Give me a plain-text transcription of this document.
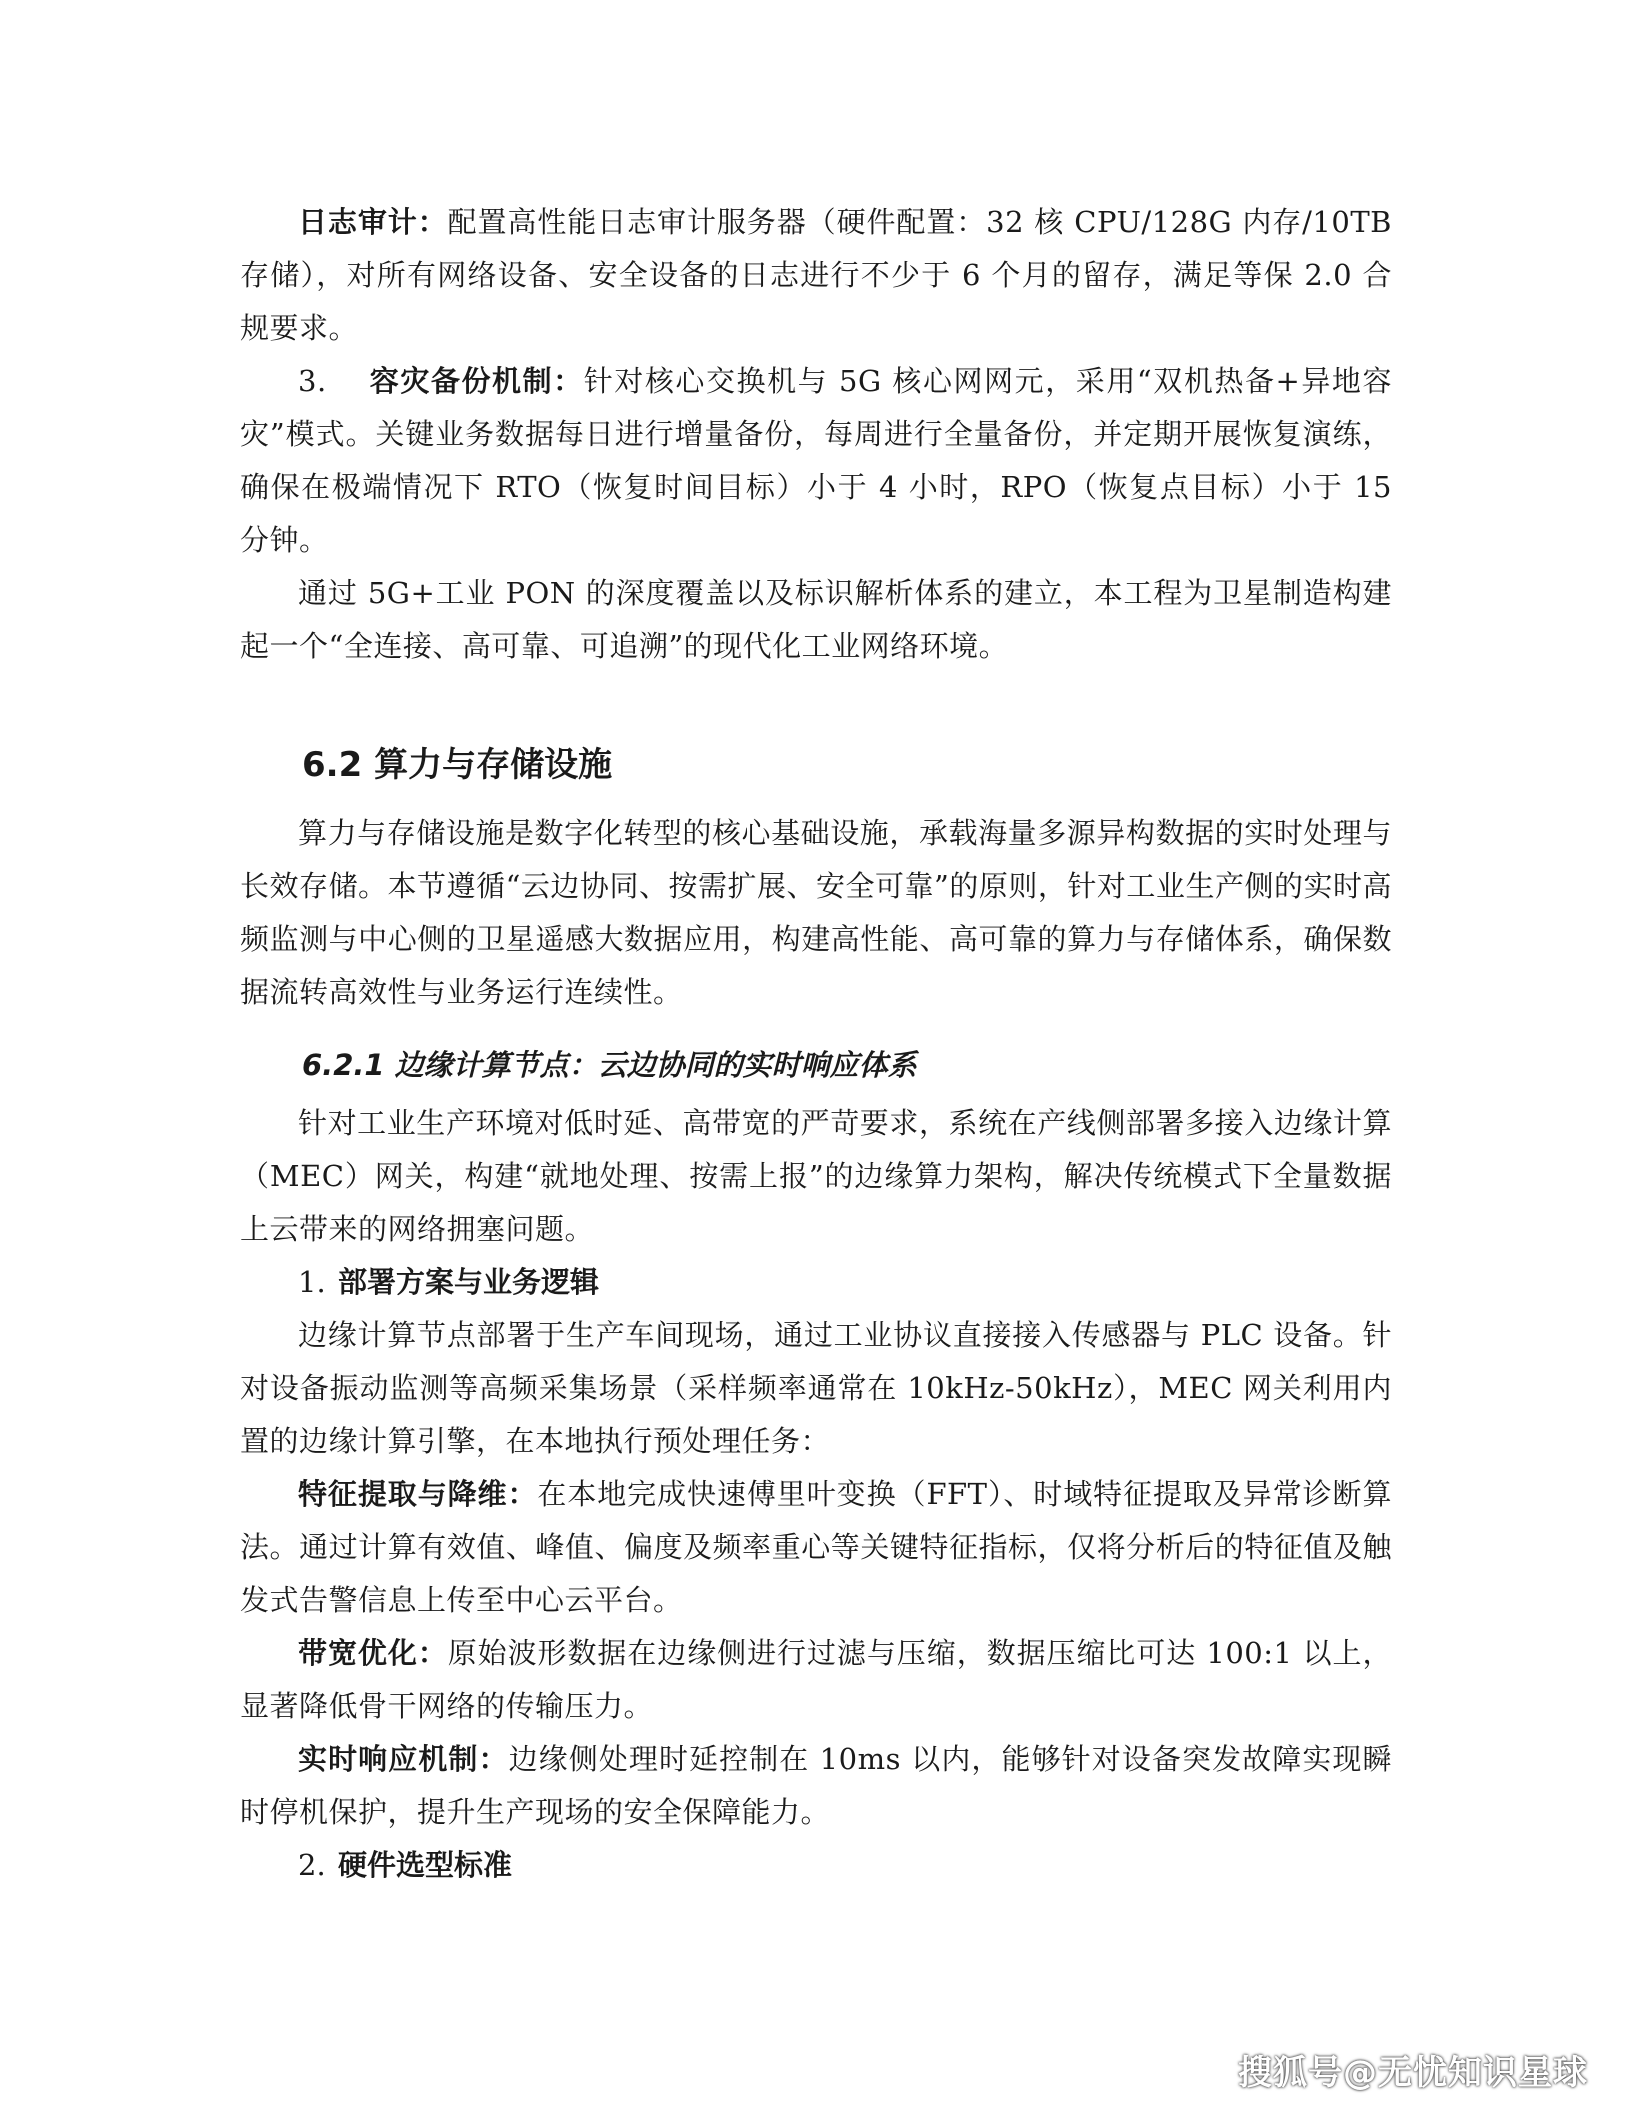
日志审计：配置高性能日志审计服务器（硬件配置：32 核 CPU/128G 内存/10TB 存储），对所有网络设备、安全设备的日志进行不少于 6 个月的留存，满足等保 2.0 合规要求。

3. 容灾备份机制：针对核心交换机与 5G 核心网网元，采用“双机热备+异地容灾”模式。关键业务数据每日进行增量备份，每周进行全量备份，并定期开展恢复演练，确保在极端情况下 RTO（恢复时间目标）小于 4 小时，RPO（恢复点目标）小于 15 分钟。

通过 5G+工业 PON 的深度覆盖以及标识解析体系的建立，本工程为卫星制造构建起一个“全连接、高可靠、可追溯”的现代化工业网络环境。

6.2 算力与存储设施

算力与存储设施是数字化转型的核心基础设施，承载海量多源异构数据的实时处理与长效存储。本节遵循“云边协同、按需扩展、安全可靠”的原则，针对工业生产侧的实时高频监测与中心侧的卫星遥感大数据应用，构建高性能、高可靠的算力与存储体系，确保数据流转高效性与业务运行连续性。

6.2.1 边缘计算节点：云边协同的实时响应体系

针对工业生产环境对低时延、高带宽的严苛要求，系统在产线侧部署多接入边缘计算（MEC）网关，构建“就地处理、按需上报”的边缘算力架构，解决传统模式下全量数据上云带来的网络拥塞问题。

1. 部署方案与业务逻辑

边缘计算节点部署于生产车间现场，通过工业协议直接接入传感器与 PLC 设备。针对设备振动监测等高频采集场景（采样频率通常在 10kHz-50kHz），MEC 网关利用内置的边缘计算引擎，在本地执行预处理任务：

特征提取与降维：在本地完成快速傅里叶变换（FFT）、时域特征提取及异常诊断算法。通过计算有效值、峰值、偏度及频率重心等关键特征指标，仅将分析后的特征值及触发式告警信息上传至中心云平台。

带宽优化：原始波形数据在边缘侧进行过滤与压缩，数据压缩比可达 100:1 以上，显著降低骨干网络的传输压力。

实时响应机制：边缘侧处理时延控制在 10ms 以内，能够针对设备突发故障实现瞬时停机保护，提升生产现场的安全保障能力。

2. 硬件选型标准

搜狐号@无忧知识星球
